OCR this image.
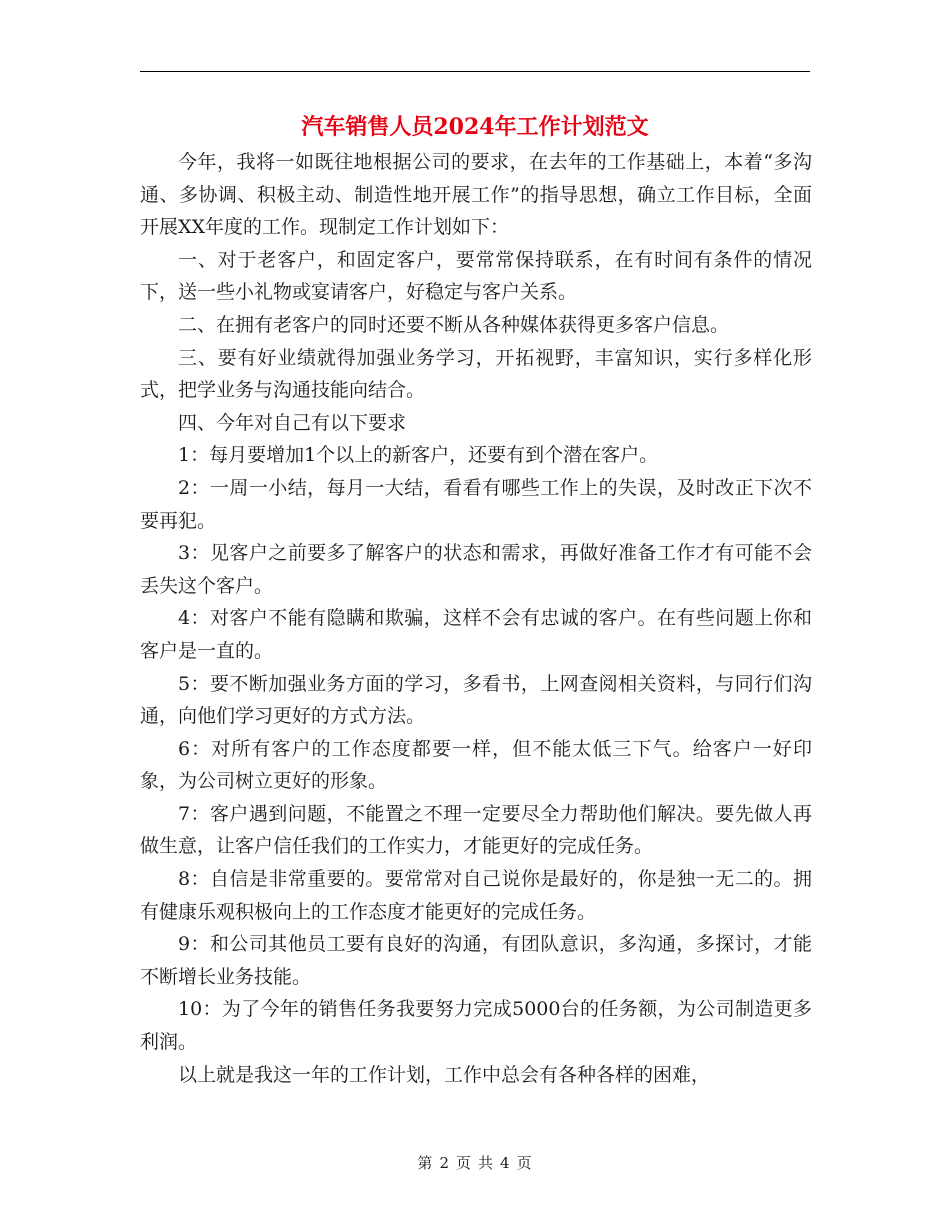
汽车销售人员2024年工作计划范文

今年，我将一如既往地根据公司的要求，在去年的工作基础上，本着“多沟通、多协调、积极主动、制造性地开展工作”的指导思想，确立工作目标，全面开展XX年度的工作。现制定工作计划如下：

一、对于老客户，和固定客户，要常常保持联系，在有时间有条件的情况下，送一些小礼物或宴请客户，好稳定与客户关系。

二、在拥有老客户的同时还要不断从各种媒体获得更多客户信息。

三、要有好业绩就得加强业务学习，开拓视野，丰富知识，实行多样化形式，把学业务与沟通技能向结合。

四、今年对自己有以下要求

1：每月要增加1个以上的新客户，还要有到个潜在客户。

2：一周一小结，每月一大结，看看有哪些工作上的失误，及时改正下次不要再犯。

3：见客户之前要多了解客户的状态和需求，再做好准备工作才有可能不会丢失这个客户。

4：对客户不能有隐瞒和欺骗，这样不会有忠诚的客户。在有些问题上你和客户是一直的。

5：要不断加强业务方面的学习，多看书，上网查阅相关资料，与同行们沟通，向他们学习更好的方式方法。

6：对所有客户的工作态度都要一样，但不能太低三下气。给客户一好印象，为公司树立更好的形象。

7：客户遇到问题，不能置之不理一定要尽全力帮助他们解决。要先做人再做生意，让客户信任我们的工作实力，才能更好的完成任务。

8：自信是非常重要的。要常常对自己说你是最好的，你是独一无二的。拥有健康乐观积极向上的工作态度才能更好的完成任务。

9：和公司其他员工要有良好的沟通，有团队意识，多沟通，多探讨，才能不断增长业务技能。

10：为了今年的销售任务我要努力完成5000台的任务额，为公司制造更多利润。

以上就是我这一年的工作计划，工作中总会有各种各样的困难，

第 2 页 共 4 页
